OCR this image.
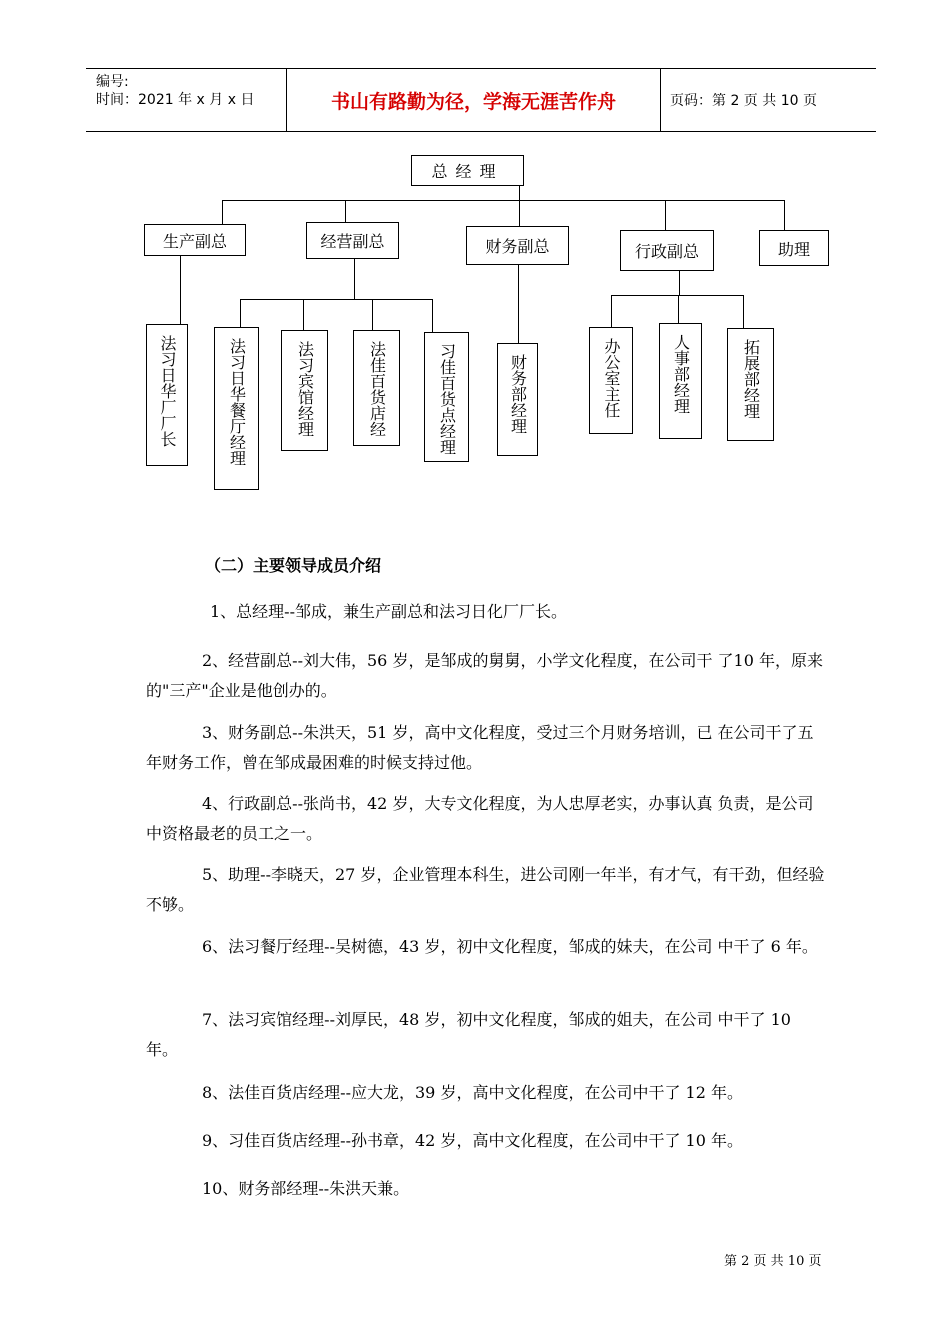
编号:
时间：2021 年 x 月 x 日	书山有路勤为径，学海无涯苦作舟	页码：第 2 页 共 10 页
总经理
生产副总	经营副总	财务副总	行政副总	助理
法习日华厂厂长	法习日华餐厅经理	法习宾馆经理	法佳百货店经	习佳百货点经理	财务部经理	办公室主任	人事部经理	拓展部经理
（二）主要领导成员介绍
1、总经理--邹成，兼生产副总和法习日化厂厂长。
2、经营副总--刘大伟，56 岁，是邹成的舅舅，小学文化程度，在公司干 了10 年，原来的"三产"企业是他创办的。
3、财务副总--朱洪天，51 岁，高中文化程度，受过三个月财务培训，已 在公司干了五年财务工作，曾在邹成最困难的时候支持过他。
4、行政副总--张尚书，42 岁，大专文化程度，为人忠厚老实，办事认真 负责，是公司中资格最老的员工之一。
5、助理--李晓天，27 岁，企业管理本科生，进公司刚一年半，有才气，有干劲，但经验不够。
6、法习餐厅经理--吴树德，43 岁，初中文化程度，邹成的妹夫，在公司 中干了 6 年。
7、法习宾馆经理--刘厚民，48 岁，初中文化程度，邹成的姐夫，在公司 中干了 10 年。
8、法佳百货店经理--应大龙，39 岁，高中文化程度，在公司中干了 12 年。
9、习佳百货店经理--孙书章，42 岁，高中文化程度，在公司中干了 10 年。
10、财务部经理--朱洪天兼。
第 2 页 共 10 页
